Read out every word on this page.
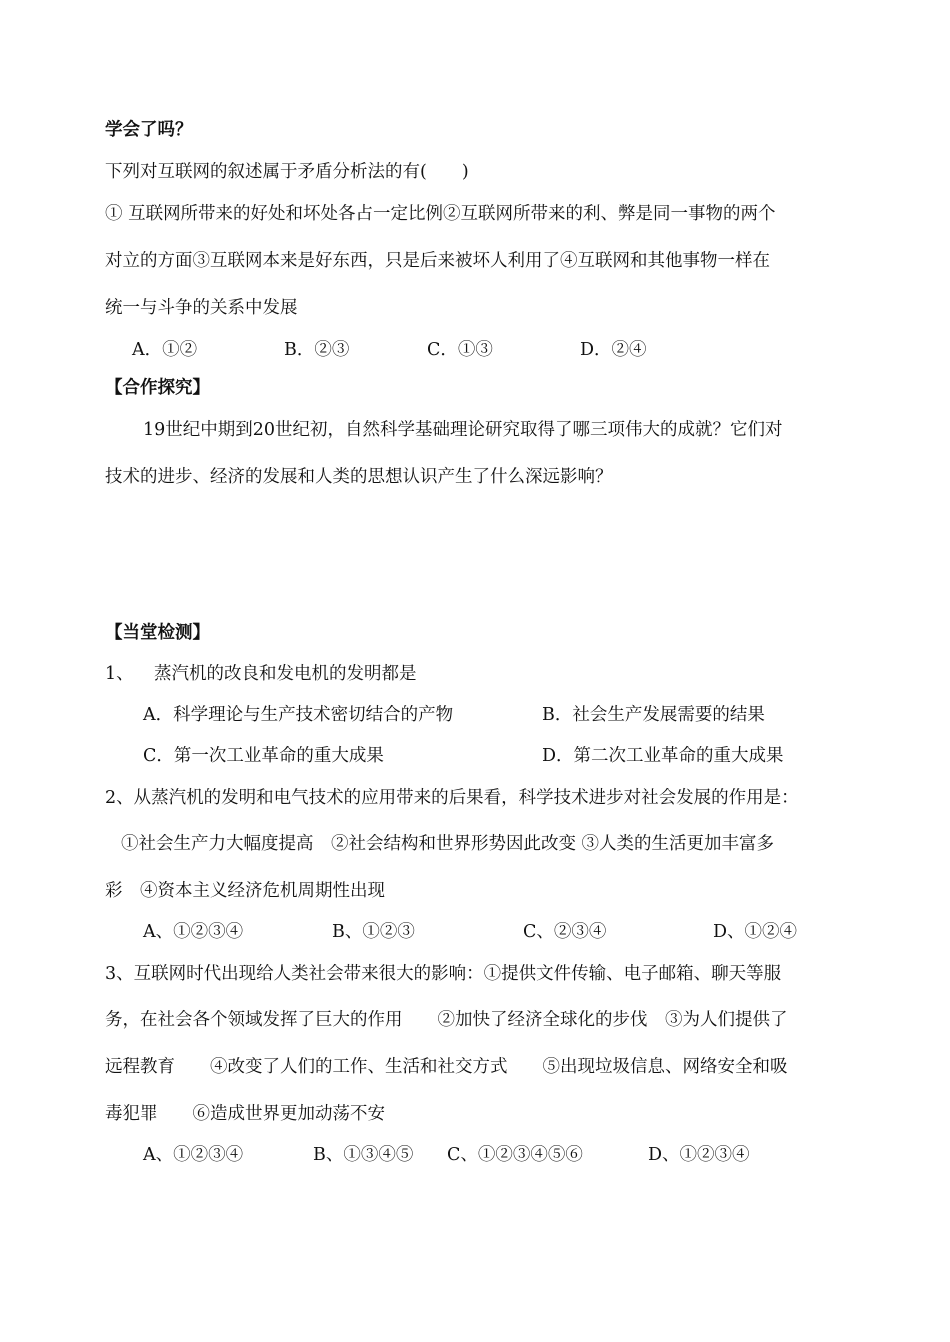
学会了吗？
下列对互联网的叙述属于矛盾分析法的有(　　)
① 互联网所带来的好处和坏处各占一定比例②互联网所带来的利、弊是同一事物的两个
对立的方面③互联网本来是好东西，只是后来被坏人利用了④互联网和其他事物一样在
统一与斗争的关系中发展
A．①②	B．②③	C．①③	D．②④
【合作探究】
19世纪中期到20世纪初，自然科学基础理论研究取得了哪三项伟大的成就？它们对
技术的进步、经济的发展和人类的思想认识产生了什么深远影响？
【当堂检测】
1、 蒸汽机的改良和发电机的发明都是
A．科学理论与生产技术密切结合的产物	B．社会生产发展需要的结果
C．第一次工业革命的重大成果	D．第二次工业革命的重大成果
2、从蒸汽机的发明和电气技术的应用带来的后果看，科学技术进步对社会发展的作用是：
①社会生产力大幅度提高　②社会结构和世界形势因此改变 ③人类的生活更加丰富多
彩　④资本主义经济危机周期性出现
A、①②③④	B、①②③	C、②③④	D、①②④
3、互联网时代出现给人类社会带来很大的影响：①提供文件传输、电子邮箱、聊天等服
务，在社会各个领域发挥了巨大的作用　　②加快了经济全球化的步伐　③为人们提供了
远程教育　　④改变了人们的工作、生活和社交方式　　⑤出现垃圾信息、网络安全和吸
毒犯罪　　⑥造成世界更加动荡不安
A、①②③④	B、①③④⑤ C、①②③④⑤⑥	D、①②③④
